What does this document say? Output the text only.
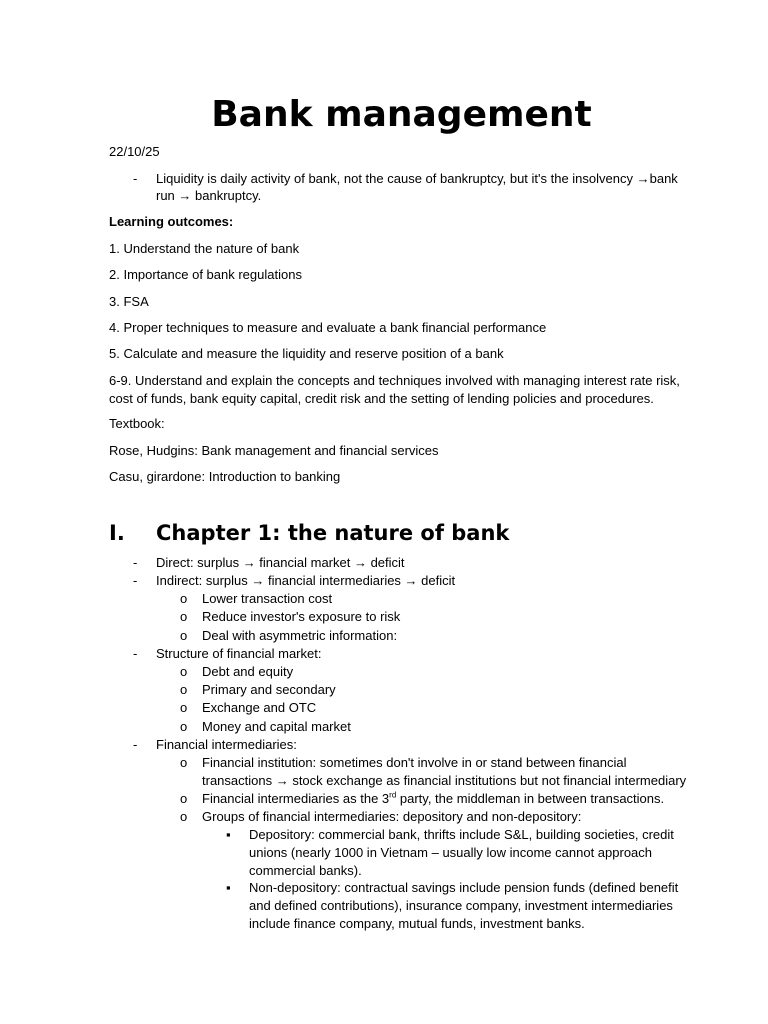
Bank management
22/10/25
- Liquidity is daily activity of bank, not the cause of bankruptcy, but it's the insolvency →bank
run → bankruptcy.
Learning outcomes:
1. Understand the nature of bank
2. Importance of bank regulations
3. FSA
4. Proper techniques to measure and evaluate a bank financial performance
5. Calculate and measure the liquidity and reserve position of a bank
6-9. Understand and explain the concepts and techniques involved with managing interest rate risk,
cost of funds, bank equity capital, credit risk and the setting of lending policies and procedures.
Textbook:
Rose, Hudgins: Bank management and financial services
Casu, girardone: Introduction to banking
I. Chapter 1: the nature of bank
- Direct: surplus → financial market → deficit
- Indirect: surplus → financial intermediaries → deficit
o Lower transaction cost
o Reduce investor's exposure to risk
o Deal with asymmetric information:
- Structure of financial market:
o Debt and equity
o Primary and secondary
o Exchange and OTC
o Money and capital market
- Financial intermediaries:
o Financial institution: sometimes don't involve in or stand between financial
transactions → stock exchange as financial institutions but not financial intermediary
o Financial intermediaries as the 3rd party, the middleman in between transactions.
o Groups of financial intermediaries: depository and non-depository:
▪ Depository: commercial bank, thrifts include S&L, building societies, credit
unions (nearly 1000 in Vietnam – usually low income cannot approach
commercial banks).
▪ Non-depository: contractual savings include pension funds (defined benefit
and defined contributions), insurance company, investment intermediaries
include finance company, mutual funds, investment banks.
